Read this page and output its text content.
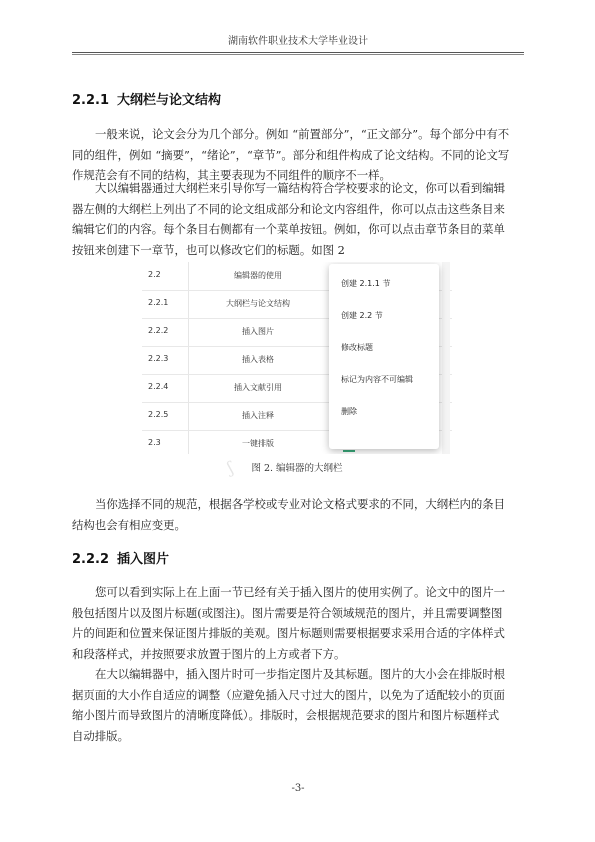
湖南软件职业技术大学毕业设计
2.2.1 大纲栏与论文结构
一般来说，论文会分为几个部分。例如 “前置部分”，“正文部分”。每个部分中有不
同的组件，例如 “摘要”，“绪论”，“章节”。部分和组件构成了论文结构。不同的论文写
作规范会有不同的结构，其主要表现为不同组件的顺序不一样。
大以编辑器通过大纲栏来引导你写一篇结构符合学校要求的论文，你可以看到编辑
器左侧的大纲栏上列出了不同的论文组成部分和论文内容组件，你可以点击这些条目来
编辑它们的内容。每个条目右侧都有一个菜单按钮。例如，你可以点击章节条目的菜单
按钮来创建下一章节，也可以修改它们的标题。如图 2
2.2	编辑器的使用
2.2.1	大纲栏与论文结构
2.2.2	插入图片
2.2.3	插入表格
2.2.4	插入文献引用
2.2.5	插入注释
2.3	一键排版
创建 2.1.1 节
创建 2.2 节
修改标题
标记为内容不可编辑
删除
ʃ	图 2. 编辑器的大纲栏
当你选择不同的规范，根据各学校或专业对论文格式要求的不同，大纲栏内的条目
结构也会有相应变更。
2.2.2 插入图片
您可以看到实际上在上面一节已经有关于插入图片的使用实例了。论文中的图片一
般包括图片以及图片标题(或图注)。图片需要是符合领域规范的图片，并且需要调整图
片的间距和位置来保证图片排版的美观。图片标题则需要根据要求采用合适的字体样式
和段落样式，并按照要求放置于图片的上方或者下方。
在大以编辑器中，插入图片时可一步指定图片及其标题。图片的大小会在排版时根
据页面的大小作自适应的调整（应避免插入尺寸过大的图片，以免为了适配较小的页面
缩小图片而导致图片的清晰度降低）。排版时，会根据规范要求的图片和图片标题样式
自动排版。
-3-
